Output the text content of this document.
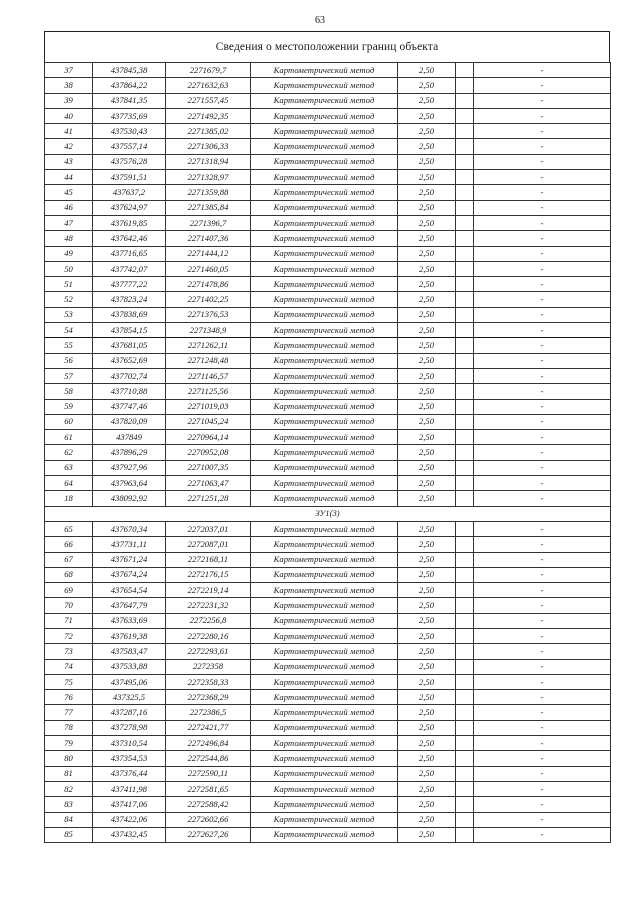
63
Сведения о местоположении границ объекта
37	437845,38	2271679,7	Картометрический метод	2,50		-
38	437864,22	2271632,63	Картометрический метод	2,50		-
39	437841,35	2271557,45	Картометрический метод	2,50		-
40	437735,69	2271492,35	Картометрический метод	2,50		-
41	437530,43	2271385,02	Картометрический метод	2,50		-
42	437557,14	2271306,33	Картометрический метод	2,50		-
43	437576,28	2271318,94	Картометрический метод	2,50		-
44	437591,51	2271328,97	Картометрический метод	2,50		-
45	437637,2	2271359,88	Картометрический метод	2,50		-
46	437624,97	2271385,84	Картометрический метод	2,50		-
47	437619,85	2271396,7	Картометрический метод	2,50		-
48	437642,46	2271407,36	Картометрический метод	2,50		-
49	437716,65	2271444,12	Картометрический метод	2,50		-
50	437742,07	2271460,05	Картометрический метод	2,50		-
51	437777,22	2271478,86	Картометрический метод	2,50		-
52	437823,24	2271402,25	Картометрический метод	2,50		-
53	437838,69	2271376,53	Картометрический метод	2,50		-
54	437854,15	2271348,9	Картометрический метод	2,50		-
55	437681,05	2271262,11	Картометрический метод	2,50		-
56	437652,69	2271248,48	Картометрический метод	2,50		-
57	437702,74	2271146,57	Картометрический метод	2,50		-
58	437710,88	2271125,56	Картометрический метод	2,50		-
59	437747,46	2271019,03	Картометрический метод	2,50		-
60	437820,09	2271045,24	Картометрический метод	2,50		-
61	437849	2270964,14	Картометрический метод	2,50		-
62	437896,29	2270952,08	Картометрический метод	2,50		-
63	437927,96	2271007,35	Картометрический метод	2,50		-
64	437963,64	2271063,47	Картометрический метод	2,50		-
18	438092,92	2271251,28	Картометрический метод	2,50		-
ЗУ1(3)						
65	437670,34	2272037,01	Картометрический метод	2,50		-
66	437731,11	2272087,01	Картометрический метод	2,50		-
67	437671,24	2272168,11	Картометрический метод	2,50		-
68	437674,24	2272176,15	Картометрический метод	2,50		-
69	437654,54	2272219,14	Картометрический метод	2,50		-
70	437647,79	2272231,32	Картометрический метод	2,50		-
71	437633,69	2272256,8	Картометрический метод	2,50		-
72	437619,38	2272280,16	Картометрический метод	2,50		-
73	437583,47	2272293,61	Картометрический метод	2,50		-
74	437533,88	2272358	Картометрический метод	2,50		-
75	437495,06	2272358,33	Картометрический метод	2,50		-
76	437325,5	2272368,29	Картометрический метод	2,50		-
77	437287,16	2272386,5	Картометрический метод	2,50		-
78	437278,98	2272421,77	Картометрический метод	2,50		-
79	437310,54	2272496,84	Картометрический метод	2,50		-
80	437354,53	2272544,86	Картометрический метод	2,50		-
81	437376,44	2272590,11	Картометрический метод	2,50		-
82	437411,98	2272581,65	Картометрический метод	2,50		-
83	437417,06	2272588,42	Картометрический метод	2,50		-
84	437422,06	2272602,66	Картометрический метод	2,50		-
85	437432,45	2272627,26	Картометрический метод	2,50		-
